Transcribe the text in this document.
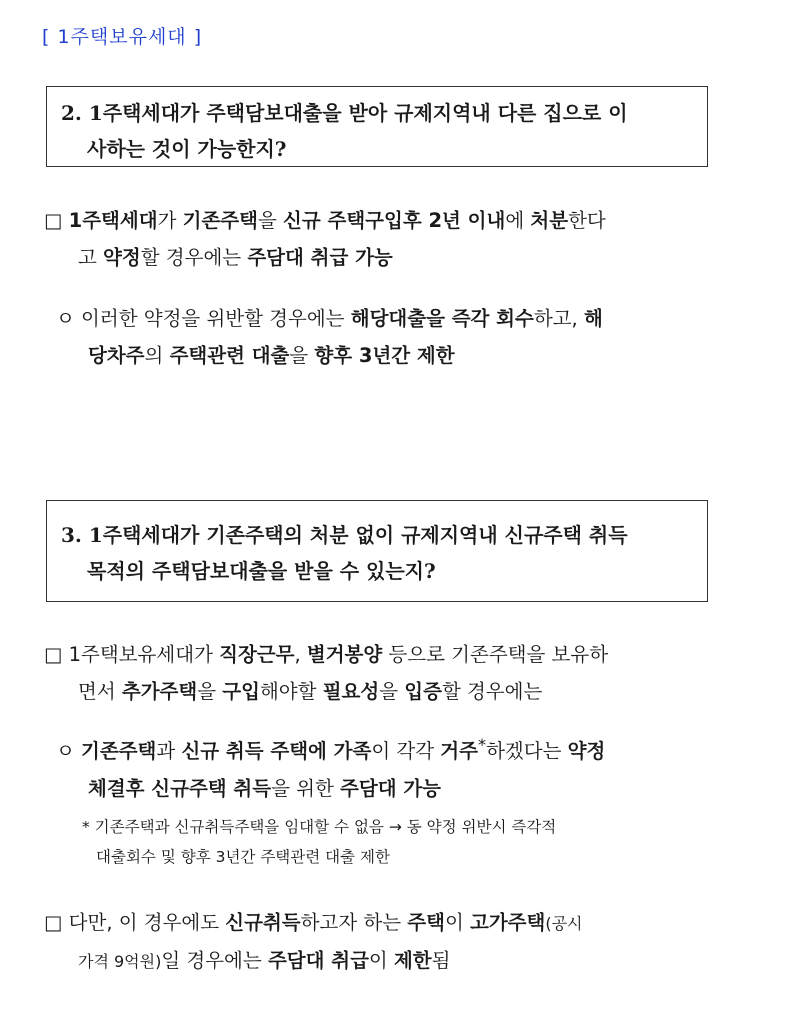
[ 1주택보유세대 ]
2. 1주택세대가 주택담보대출을 받아 규제지역내 다른 집으로 이
사하는 것이 가능한지?
□ 1주택세대가 기존주택을 신규 주택구입후 2년 이내에 처분한다
고 약정할 경우에는 주담대 취급 가능
ㅇ 이러한 약정을 위반할 경우에는 해당대출을 즉각 회수하고, 해
당차주의 주택관련 대출을 향후 3년간 제한
3. 1주택세대가 기존주택의 처분 없이 규제지역내 신규주택 취득
목적의 주택담보대출을 받을 수 있는지?
□ 1주택보유세대가 직장근무, 별거봉양 등으로 기존주택을 보유하
면서 추가주택을 구입해야할 필요성을 입증할 경우에는
ㅇ 기존주택과 신규 취득 주택에 가족이 각각 거주*하겠다는 약정
체결후 신규주택 취득을 위한 주담대 가능
* 기존주택과 신규취득주택을 임대할 수 없음 → 동 약정 위반시 즉각적
대출회수 및 향후 3년간 주택관련 대출 제한
□ 다만, 이 경우에도 신규취득하고자 하는 주택이 고가주택(공시
가격 9억원)일 경우에는 주담대 취급이 제한됨
